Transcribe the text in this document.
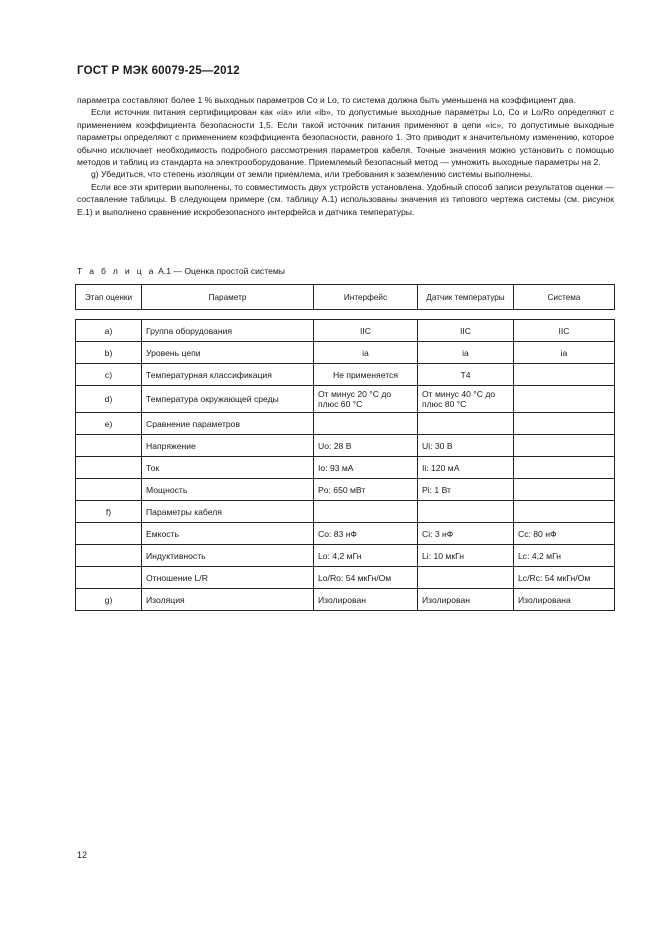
ГОСТ Р МЭК 60079-25—2012

параметра составляют более 1 % выходных параметров Co и Lo, то система должна быть уменьшена на коэффициент два.

Если источник питания сертифицирован как «ia» или «ib», то допустимые выходные параметры Lo, Co и Lo/Ro определяют с применением коэффициента безопасности 1,5. Если такой источник питания применяют в цепи «ic», то допустимые выходные параметры определяют с применением коэффициента безопасности, равного 1. Это приводит к значительному изменению, которое обычно исключает необходимость подробного рассмотрения параметров кабеля. Точные значения можно установить с помощью методов и таблиц из стандарта на электрооборудование. Приемлемый безопасный метод — умножить выходные параметры на 2.

g) Убедиться, что степень изоляции от земли приемлема, или требования к заземлению системы выполнены.

Если все эти критерии выполнены, то совместимость двух устройств установлена. Удобный способ записи результатов оценки — составление таблицы. В следующем примере (см. таблицу А.1) использованы значения из типового чертежа системы (см. рисунок Е.1) и выполнено сравнение искробезопасного интерфейса и датчика температуры.

Т а б л и ц а А.1 — Оценка простой системы
Этап оценки	Параметр	Интерфейс	Датчик температуры	Система

a)	Группа оборудования	IIC	IIC	IIC
b)	Уровень цепи	ia	ia	ia
c)	Температурная классификация	Не применяется	T4	
d)	Температура окружающей среды	От минус 20 °С до плюс 60 °С	От минус 40 °С до плюс 80 °С	
e)	Сравнение параметров			
	Напряжение	Uo: 28 В	Ui: 30 В	
	Ток	Io: 93 мА	Ii: 120 мА	
	Мощность	Po: 650 мВт	Pi: 1 Вт	
f)	Параметры кабеля			
	Емкость	Co: 83 нФ	Ci: 3 нФ	Cc: 80 нФ
	Индуктивность	Lo: 4,2 мГн	Li: 10 мкГн	Lc: 4,2 мГн
	Отношение L/R	Lo/Ro: 54 мкГн/Ом		Lc/Rc: 54 мкГн/Ом
g)	Изоляция	Изолирован	Изолирован	Изолирована
12
